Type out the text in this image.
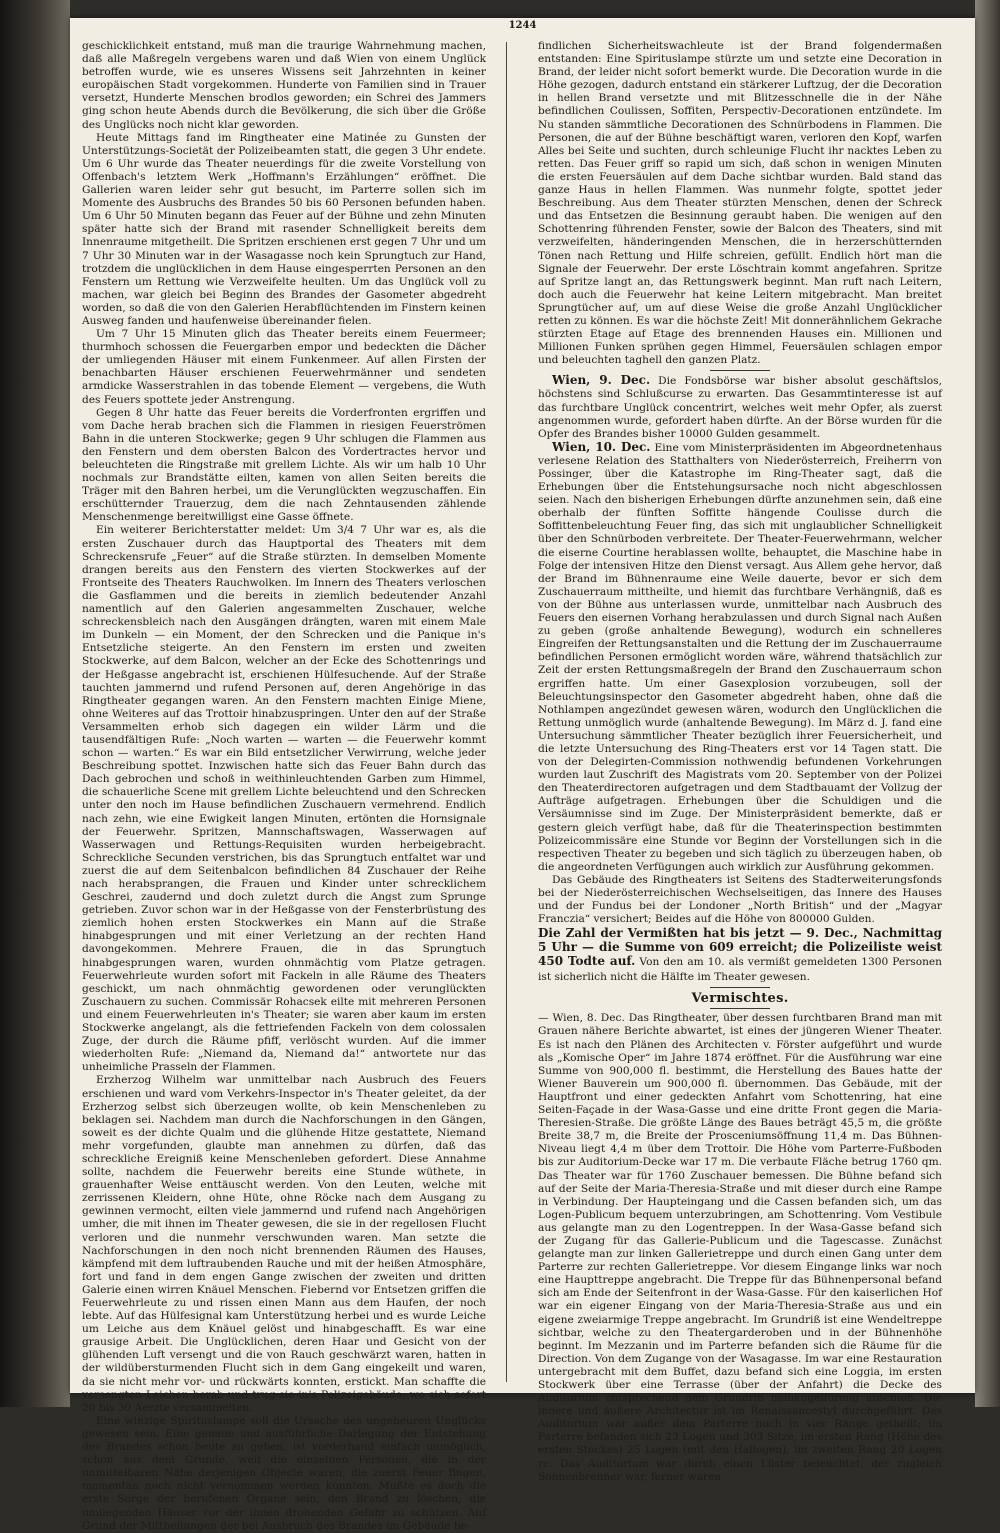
1244

geschicklichkeit entstand, muß man die traurige Wahrnehmung machen, daß alle Maßregeln vergebens waren und daß Wien von einem Unglück betroffen wurde, wie es unseres Wissens seit Jahrzehnten in keiner europäischen Stadt vorgekommen. Hunderte von Familien sind in Trauer versetzt, Hunderte Menschen brodlos geworden; ein Schrei des Jammers ging schon heute Abends durch die Bevölkerung, die sich über die Größe des Unglücks noch nicht klar geworden.

Heute Mittags fand im Ringtheater eine Matinée zu Gunsten der Unterstützungs-Societät der Polizeibeamten statt, die gegen 3 Uhr endete. Um 6 Uhr wurde das Theater neuerdings für die zweite Vorstellung von Offenbach's letztem Werk „Hoffmann's Erzählungen“ eröffnet. Die Gallerien waren leider sehr gut besucht, im Parterre sollen sich im Momente des Ausbruchs des Brandes 50 bis 60 Personen befunden haben. Um 6 Uhr 50 Minuten begann das Feuer auf der Bühne und zehn Minuten später hatte sich der Brand mit rasender Schnelligkeit bereits dem Innenraume mitgetheilt. Die Spritzen erschienen erst gegen 7 Uhr und um 7 Uhr 30 Minuten war in der Wasagasse noch kein Sprungtuch zur Hand, trotzdem die unglücklichen in dem Hause eingesperrten Personen an den Fenstern um Rettung wie Verzweifelte heulten. Um das Unglück voll zu machen, war gleich bei Beginn des Brandes der Gasometer abgedreht worden, so daß die von den Galerien Herabflüchtenden im Finstern keinen Ausweg fanden und haufenweise übereinander fielen.

Um 7 Uhr 15 Minuten glich das Theater bereits einem Feuermeer; thurmhoch schossen die Feuergarben empor und bedeckten die Dächer der umliegenden Häuser mit einem Funkenmeer. Auf allen Firsten der benachbarten Häuser erschienen Feuerwehrmänner und sendeten armdicke Wasserstrahlen in das tobende Element — vergebens, die Wuth des Feuers spottete jeder Anstrengung.

Gegen 8 Uhr hatte das Feuer bereits die Vorderfronten ergriffen und vom Dache herab brachen sich die Flammen in riesigen Feuerströmen Bahn in die unteren Stockwerke; gegen 9 Uhr schlugen die Flammen aus den Fenstern und dem obersten Balcon des Vordertractes hervor und beleuchteten die Ringstraße mit grellem Lichte. Als wir um halb 10 Uhr nochmals zur Brandstätte eilten, kamen von allen Seiten bereits die Träger mit den Bahren herbei, um die Verunglückten wegzuschaffen. Ein erschütternder Trauerzug, dem die nach Zehntausenden zählende Menschenmenge bereitwilligst eine Gasse öffnete.

Ein weiterer Berichterstatter meldet: Um 3/4 7 Uhr war es, als die ersten Zuschauer durch das Hauptportal des Theaters mit dem Schreckensrufe „Feuer“ auf die Straße stürzten. In demselben Momente drangen bereits aus den Fenstern des vierten Stockwerkes auf der Frontseite des Theaters Rauchwolken. Im Innern des Theaters verloschen die Gasflammen und die bereits in ziemlich bedeutender Anzahl namentlich auf den Galerien angesammelten Zuschauer, welche schreckensbleich nach den Ausgängen drängten, waren mit einem Male im Dunkeln — ein Moment, der den Schrecken und die Panique in's Entsetzliche steigerte. An den Fenstern im ersten und zweiten Stockwerke, auf dem Balcon, welcher an der Ecke des Schottenrings und der Heßgasse angebracht ist, erschienen Hülfesuchende. Auf der Straße tauchten jammernd und rufend Personen auf, deren Angehörige in das Ringtheater gegangen waren. An den Fenstern machten Einige Miene, ohne Weiteres auf das Trottoir hinabzuspringen. Unter den auf der Straße Versammelten erhob sich dagegen ein wilder Lärm und die tausendfältigen Rufe: „Noch warten — warten — die Feuerwehr kommt schon — warten.“ Es war ein Bild entsetzlicher Verwirrung, welche jeder Beschreibung spottet. Inzwischen hatte sich das Feuer Bahn durch das Dach gebrochen und schoß in weithinleuchtenden Garben zum Himmel, die schauerliche Scene mit grellem Lichte beleuchtend und den Schrecken unter den noch im Hause befindlichen Zuschauern vermehrend. Endlich nach zehn, wie eine Ewigkeit langen Minuten, ertönten die Hornsignale der Feuerwehr. Spritzen, Mannschaftswagen, Wasserwagen auf Wasserwagen und Rettungs-Requisiten wurden herbeigebracht. Schreckliche Secunden verstrichen, bis das Sprungtuch entfaltet war und zuerst die auf dem Seitenbalcon befindlichen 84 Zuschauer der Reihe nach herabsprangen, die Frauen und Kinder unter schrecklichem Geschrei, zaudernd und doch zuletzt durch die Angst zum Sprunge getrieben. Zuvor schon war in der Heßgasse von der Fensterbrüstung des ziemlich hohen ersten Stockwerkes ein Mann auf die Straße hinabgesprungen und mit einer Verletzung an der rechten Hand davongekommen. Mehrere Frauen, die in das Sprungtuch hinabgesprungen waren, wurden ohnmächtig vom Platze getragen. Feuerwehrleute wurden sofort mit Fackeln in alle Räume des Theaters geschickt, um nach ohnmächtig gewordenen oder verunglückten Zuschauern zu suchen. Commissär Rohacsek eilte mit mehreren Personen und einem Feuerwehrleuten in's Theater; sie waren aber kaum im ersten Stockwerke angelangt, als die fettriefenden Fackeln von dem colossalen Zuge, der durch die Räume pfiff, verlöscht wurden. Auf die immer wiederholten Rufe: „Niemand da, Niemand da!“ antwortete nur das unheimliche Prasseln der Flammen.

Erzherzog Wilhelm war unmittelbar nach Ausbruch des Feuers erschienen und ward vom Verkehrs-Inspector in's Theater geleitet, da der Erzherzog selbst sich überzeugen wollte, ob kein Menschenleben zu beklagen sei. Nachdem man durch die Nachforschungen in den Gängen, soweit es der dichte Qualm und die glühende Hitze gestattete, Niemand mehr vorgefunden, glaubte man annehmen zu dürfen, daß das schreckliche Ereigniß keine Menschenleben gefordert. Diese Annahme sollte, nachdem die Feuerwehr bereits eine Stunde wüthete, in grauenhafter Weise enttäuscht werden. Von den Leuten, welche mit zerrissenen Kleidern, ohne Hüte, ohne Röcke nach dem Ausgang zu gewinnen vermocht, eilten viele jammernd und rufend nach Angehörigen umher, die mit ihnen im Theater gewesen, die sie in der regellosen Flucht verloren und die nunmehr verschwunden waren. Man setzte die Nachforschungen in den noch nicht brennenden Räumen des Hauses, kämpfend mit dem luftraubenden Rauche und mit der heißen Atmosphäre, fort und fand in dem engen Gange zwischen der zweiten und dritten Galerie einen wirren Knäuel Menschen. Fiebernd vor Entsetzen griffen die Feuerwehrleute zu und rissen einen Mann aus dem Haufen, der noch lebte. Auf das Hülfesignal kam Unterstützung herbei und es wurde Leiche um Leiche aus dem Knäuel gelöst und hinabgeschafft. Es war eine grausige Arbeit. Die Unglücklichen, deren Haar und Gesicht von der glühenden Luft versengt und die von Rauch geschwärzt waren, hatten in der wildübersturmenden Flucht sich in dem Gang eingekeilt und waren, da sie nicht mehr vor- und rückwärts konnten, erstickt. Man schaffte die versengten Leichen herab und trug sie in's Polizeigebäude, wo sich sofort 20 bis 30 Aerzte versammelten.

Eine winzige Spirituslampe soll die Ursache des ungeheuren Unglücks gewesen sein. Eine genaue und ausführliche Darlegung der Entstehung des Brandes schon heute zu geben, ist vorderhand einfach unmöglich, schon aus dem Grunde, weil die einzelnen Personen, die in der unmittelbaren Nähe derjenigen Objecte waren, die zuerst Feuer fingen, momentan noch nicht vernommen werden konnten. Mußte es doch die erste Sorge der berufenen Organe sein, den Brand zu löschen, die umliegenden Häuser vor der ihnen drohenden Gefahr zu schützen. Auf Grund der Mittheilungen der bei Ausbruch des Brandes im Gebäude be-

findlichen Sicherheitswachleute ist der Brand folgendermaßen entstanden: Eine Spirituslampe stürzte um und setzte eine Decoration in Brand, der leider nicht sofort bemerkt wurde. Die Decoration wurde in die Höhe gezogen, dadurch entstand ein stärkerer Luftzug, der die Decoration in hellen Brand versetzte und mit Blitzesschnelle die in der Nähe befindlichen Coulissen, Soffiten, Perspectiv-Decorationen entzündete. Im Nu standen sämmtliche Decorationen des Schnürbodens in Flammen. Die Personen, die auf der Bühne beschäftigt waren, verloren den Kopf, warfen Alles bei Seite und suchten, durch schleunige Flucht ihr nacktes Leben zu retten. Das Feuer griff so rapid um sich, daß schon in wenigen Minuten die ersten Feuersäulen auf dem Dache sichtbar wurden. Bald stand das ganze Haus in hellen Flammen. Was nunmehr folgte, spottet jeder Beschreibung. Aus dem Theater stürzten Menschen, denen der Schreck und das Entsetzen die Besinnung geraubt haben. Die wenigen auf den Schottenring führenden Fenster, sowie der Balcon des Theaters, sind mit verzweifelten, händeringenden Menschen, die in herzerschütternden Tönen nach Rettung und Hilfe schreien, gefüllt. Endlich hört man die Signale der Feuerwehr. Der erste Löschtrain kommt angefahren. Spritze auf Spritze langt an, das Rettungswerk beginnt. Man ruft nach Leitern, doch auch die Feuerwehr hat keine Leitern mitgebracht. Man breitet Sprungtücher auf, um auf diese Weise die große Anzahl Unglücklicher retten zu können. Es war die höchste Zeit! Mit donnerähnlichem Gekrache stürzten Etage auf Etage des brennenden Hauses ein. Millionen und Millionen Funken sprühen gegen Himmel, Feuersäulen schlagen empor und beleuchten taghell den ganzen Platz.

Wien, 9. Dec. Die Fondsbörse war bisher absolut geschäftslos, höchstens sind Schlußcurse zu erwarten. Das Gesammtinteresse ist auf das furchtbare Unglück concentrirt, welches weit mehr Opfer, als zuerst angenommen wurde, gefordert haben dürfte. An der Börse wurden für die Opfer des Brandes bisher 10000 Gulden gesammelt.

Wien, 10. Dec. Eine vom Ministerpräsidenten im Abgeordnetenhaus verlesene Relation des Statthalters von Niederösterreich, Freiherrn von Possinger, über die Katastrophe im Ring-Theater sagt, daß die Erhebungen über die Entstehungsursache noch nicht abgeschlossen seien. Nach den bisherigen Erhebungen dürfte anzunehmen sein, daß eine oberhalb der fünften Soffitte hängende Coulisse durch die Soffittenbeleuchtung Feuer fing, das sich mit unglaublicher Schnelligkeit über den Schnürboden verbreitete. Der Theater-Feuerwehrmann, welcher die eiserne Courtine herablassen wollte, behauptet, die Maschine habe in Folge der intensiven Hitze den Dienst versagt. Aus Allem gehe hervor, daß der Brand im Bühnenraume eine Weile dauerte, bevor er sich dem Zuschauerraum mittheilte, und hiemit das furchtbare Verhängniß, daß es von der Bühne aus unterlassen wurde, unmittelbar nach Ausbruch des Feuers den eisernen Vorhang herabzulassen und durch Signal nach Außen zu geben (große anhaltende Bewegung), wodurch ein schnelleres Eingreifen der Rettungsanstalten und die Rettung der im Zuschauerraume befindlichen Personen ermöglicht worden wäre, während thatsächlich zur Zeit der ersten Rettungsmaßregeln der Brand den Zuschauerraum schon ergriffen hatte. Um einer Gasexplosion vorzubeugen, soll der Beleuchtungsinspector den Gasometer abgedreht haben, ohne daß die Nothlampen angezündet gewesen wären, wodurch den Unglücklichen die Rettung unmöglich wurde (anhaltende Bewegung). Im März d. J. fand eine Untersuchung sämmtlicher Theater bezüglich ihrer Feuersicherheit, und die letzte Untersuchung des Ring-Theaters erst vor 14 Tagen statt. Die von der Delegirten-Commission nothwendig befundenen Vorkehrungen wurden laut Zuschrift des Magistrats vom 20. September von der Polizei den Theaterdirectoren aufgetragen und dem Stadtbauamt der Vollzug der Aufträge aufgetragen. Erhebungen über die Schuldigen und die Versäumnisse sind im Zuge. Der Ministerpräsident bemerkte, daß er gestern gleich verfügt habe, daß für die Theaterinspection bestimmten Polizeicommissäre eine Stunde vor Beginn der Vorstellungen sich in die respectiven Theater zu begeben und sich täglich zu überzeugen haben, ob die angeordneten Verfügungen auch wirklich zur Ausführung gekommen.

Das Gebäude des Ringtheaters ist Seitens des Stadterweiterungsfonds bei der Niederösterreichischen Wechselseitigen, das Innere des Hauses und der Fundus bei der Londoner „North British“ und der „Magyar Franczia“ versichert; Beides auf die Höhe von 800000 Gulden.

Die Zahl der Vermißten hat bis jetzt — 9. Dec., Nachmittag 5 Uhr — die Summe von 609 erreicht; die Polizeiliste weist 450 Todte auf. Von den am 10. als vermißt gemeldeten 1300 Personen ist sicherlich nicht die Hälfte im Theater gewesen.

Vermischtes.

— Wien, 8. Dec. Das Ringtheater, über dessen furchtbaren Brand man mit Grauen nähere Berichte abwartet, ist eines der jüngeren Wiener Theater. Es ist nach den Plänen des Architecten v. Förster aufgeführt und wurde als „Komische Oper“ im Jahre 1874 eröffnet. Für die Ausführung war eine Summe von 900,000 fl. bestimmt, die Herstellung des Baues hatte der Wiener Bauverein um 900,000 fl. übernommen. Das Gebäude, mit der Hauptfront und einer gedeckten Anfahrt vom Schottenring, hat eine Seiten-Façade in der Wasa-Gasse und eine dritte Front gegen die Maria-Theresien-Straße. Die größte Länge des Baues beträgt 45,5 m, die größte Breite 38,7 m, die Breite der Prosceniumsöffnung 11,4 m. Das Bühnen-Niveau liegt 4,4 m über dem Trottoir. Die Höhe vom Parterre-Fußboden bis zur Auditorium-Decke war 17 m. Die verbaute Fläche betrug 1760 qm. Das Theater war für 1760 Zuschauer bemessen. Die Bühne befand sich auf der Seite der Maria-Theresia-Straße und mit dieser durch eine Rampe in Verbindung. Der Haupteingang und die Cassen befanden sich, um das Logen-Publicum bequem unterzubringen, am Schottenring. Vom Vestibule aus gelangte man zu den Logentreppen. In der Wasa-Gasse befand sich der Zugang für das Gallerie-Publicum und die Tagescasse. Zunächst gelangte man zur linken Gallerietreppe und durch einen Gang unter dem Parterre zur rechten Gallerietreppe. Vor diesem Eingange links war noch eine Haupttreppe angebracht. Die Treppe für das Bühnenpersonal befand sich am Ende der Seitenfront in der Wasa-Gasse. Für den kaiserlichen Hof war ein eigener Eingang von der Maria-Theresia-Straße aus und ein eigene zweiarmige Treppe angebracht. Im Grundriß ist eine Wendeltreppe sichtbar, welche zu den Theatergarderoben und in der Bühnenhöhe beginnt. Im Mezzanin und im Parterre befanden sich die Räume für die Direction. Von dem Zugange von der Wasagasse. Im war eine Restauration untergebracht mit dem Buffet, dazu befand sich eine Loggia, im ersten Stockwerk über eine Terrasse (über der Anfahrt) die Decke des Auditorium entsprechend dem Grundriß halbkugelförmig abschloß. Die innere und äußere Architectur ist im Renaissancestyl durchgeführt. Das Auditorium war außer dem Parterre noch in vier Ränge getheilt; im Parterre befanden sich 23 Logen und 303 Sitze, im ersten Rang (Höhe des ersten Stockes) 25 Logen (mit den Hallogen), im zweiten Rang 20 Logen rc. Das Auditorium war durch einen Lüster beleuchtet, der zugleich Sonnenbrenner war, ferner waren
